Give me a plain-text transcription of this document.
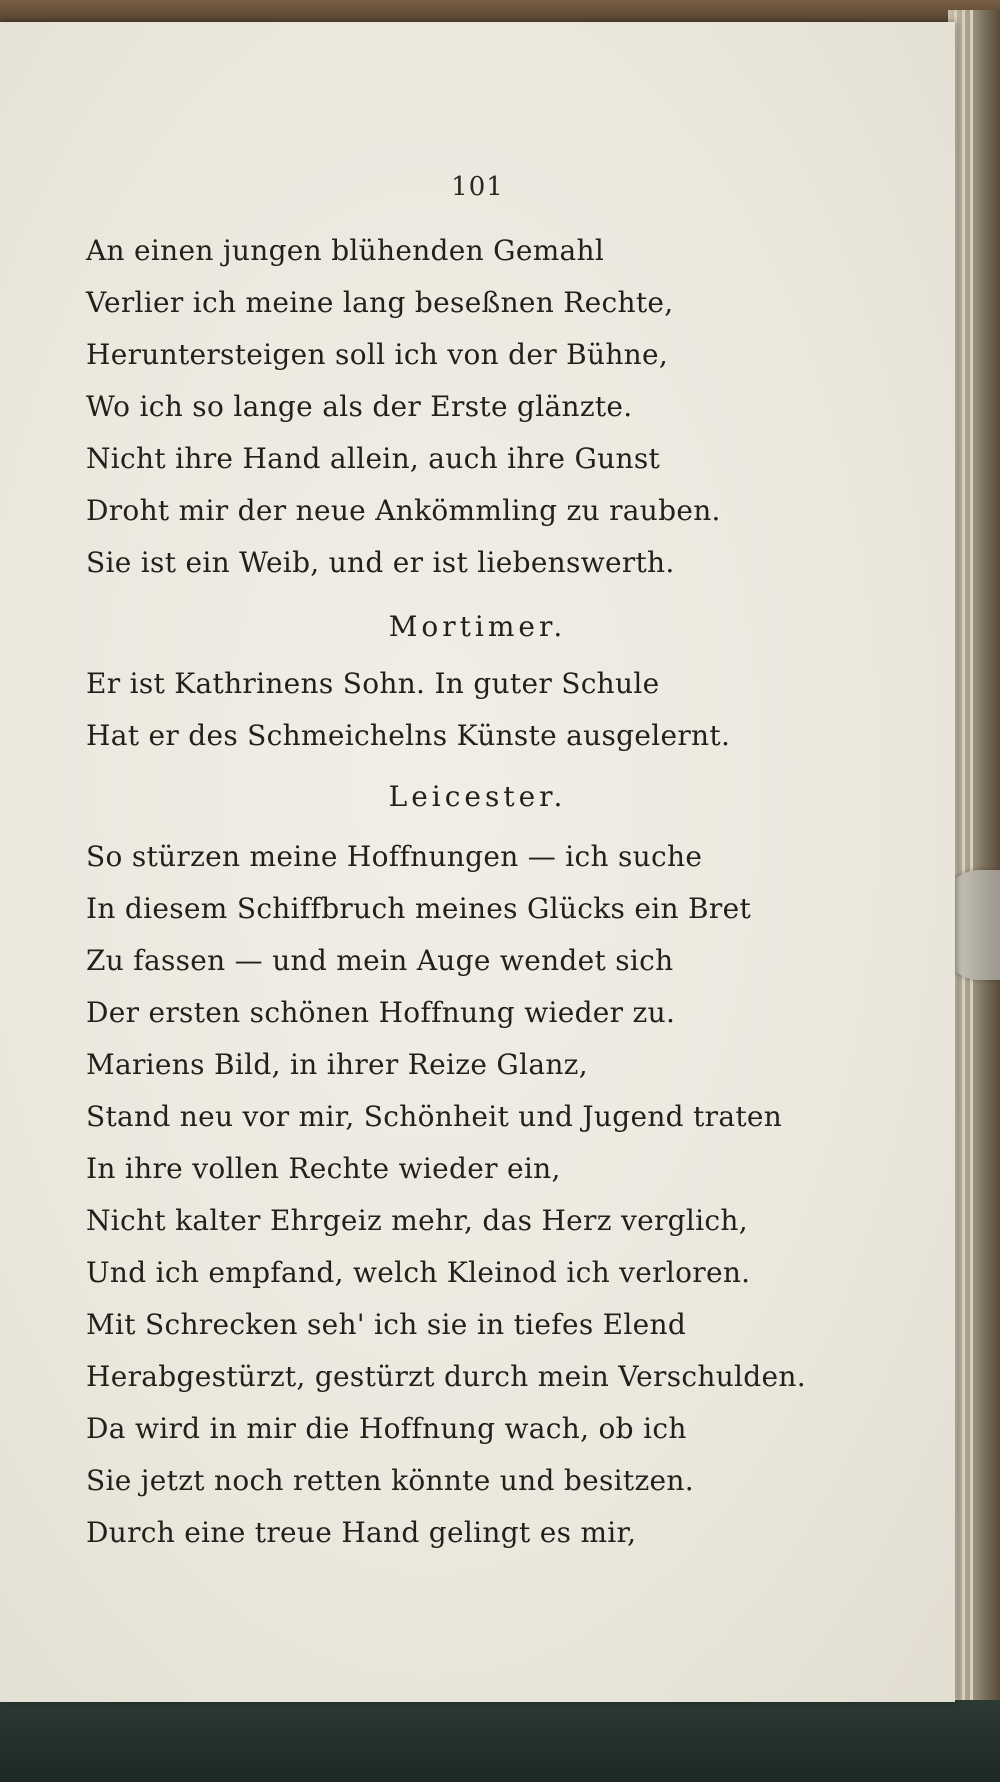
101
An einen jungen blühenden Gemahl
Verlier ich meine lang beseßnen Rechte,
Heruntersteigen soll ich von der Bühne,
Wo ich so lange als der Erste glänzte.
Nicht ihre Hand allein, auch ihre Gunst
Droht mir der neue Ankömmling zu rauben.
Sie ist ein Weib, und er ist liebenswerth.
Mortimer.
Er ist Kathrinens Sohn. In guter Schule
Hat er des Schmeichelns Künste ausgelernt.
Leicester.
So stürzen meine Hoffnungen — ich suche
In diesem Schiffbruch meines Glücks ein Bret
Zu fassen — und mein Auge wendet sich
Der ersten schönen Hoffnung wieder zu.
Mariens Bild, in ihrer Reize Glanz,
Stand neu vor mir, Schönheit und Jugend traten
In ihre vollen Rechte wieder ein,
Nicht kalter Ehrgeiz mehr, das Herz verglich,
Und ich empfand, welch Kleinod ich verloren.
Mit Schrecken seh' ich sie in tiefes Elend
Herabgestürzt, gestürzt durch mein Verschulden.
Da wird in mir die Hoffnung wach, ob ich
Sie jetzt noch retten könnte und besitzen.
Durch eine treue Hand gelingt es mir,
